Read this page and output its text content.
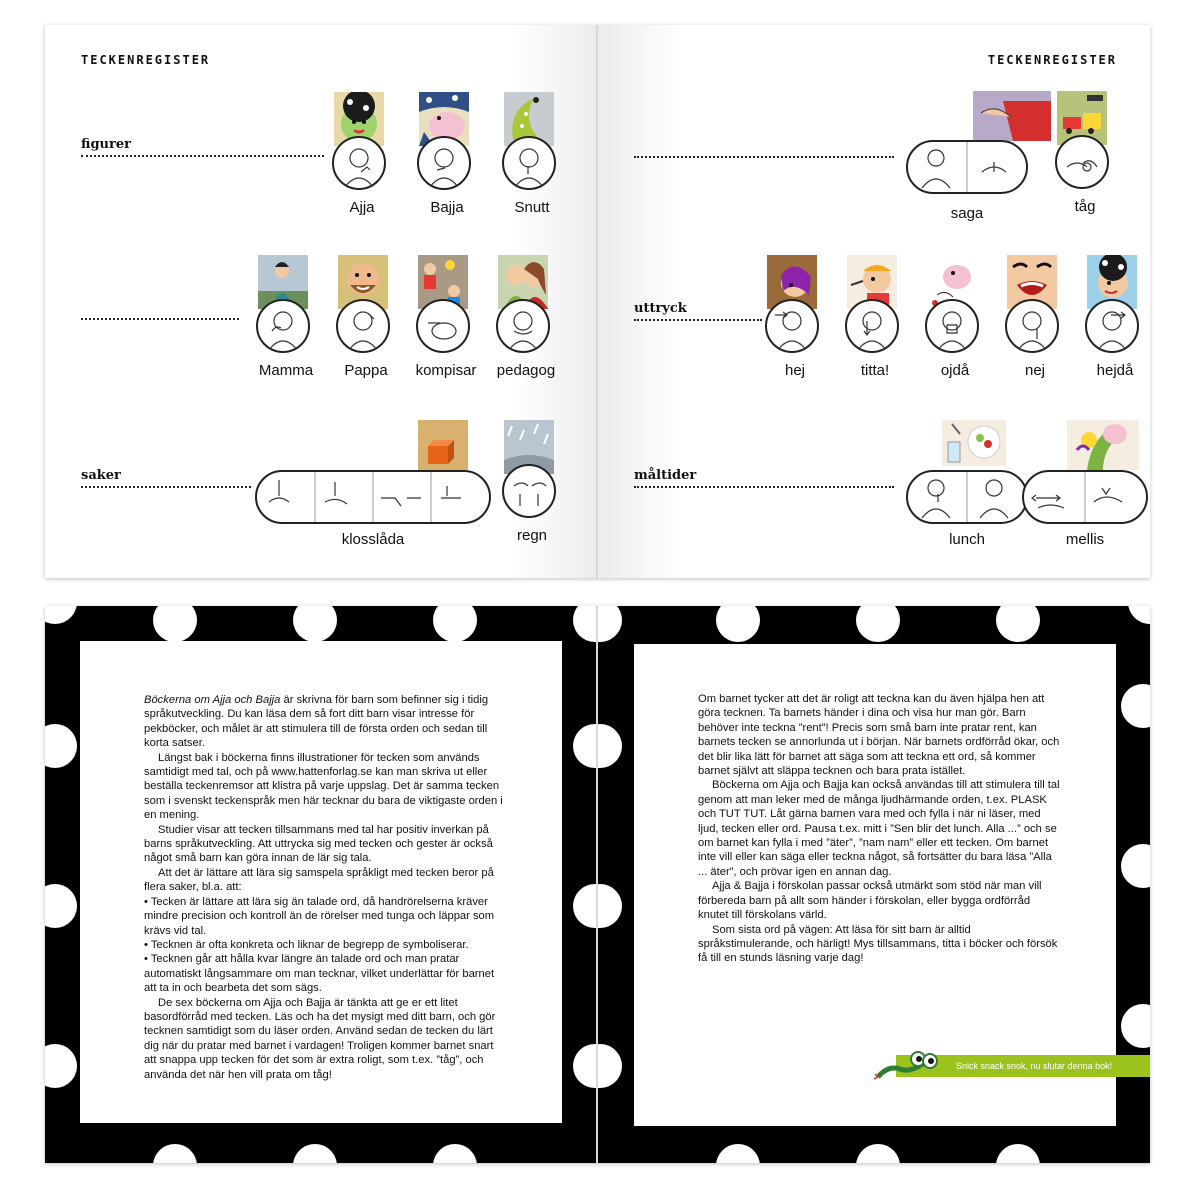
TECKENREGISTER
figurer
Ajja	Bajja	Snutt
Mamma	Pappa	kompisar	pedagog
saker
klosslåda	regn
TECKENREGISTER
saga	tåg
uttryck
hej	titta!	ojdå	nej	hejdå
måltider
lunch	mellis

Böckerna om Ajja och Bajja är skrivna för barn som befinner sig i tidig språkutveckling. Du kan läsa dem så fort ditt barn visar intresse för pekböcker, och målet är att stimulera till de första orden och sedan till korta satser.

Längst bak i böckerna finns illustrationer för tecken som används samtidigt med tal, och på www.hattenforlag.se kan man skriva ut eller beställa teckenremsor att klistra på varje uppslag. Det är samma tecken som i svenskt teckenspråk men här tecknar du bara de viktigaste orden i en mening.

Studier visar att tecken tillsammans med tal har positiv inverkan på barns språkutveckling. Att uttrycka sig med tecken och gester är också något små barn kan göra innan de lär sig tala.

Att det är lättare att lära sig samspela språkligt med tecken beror på flera saker, bl.a. att:

• Tecken är lättare att lära sig än talade ord, då handrörelserna kräver mindre precision och kontroll än de rörelser med tunga och läppar som krävs vid tal.

• Tecknen är ofta konkreta och liknar de begrepp de symboliserar.

• Tecknen går att hålla kvar längre än talade ord och man pratar automatiskt långsammare om man tecknar, vilket underlättar för barnet att ta in och bearbeta det som sägs.

De sex böckerna om Ajja och Bajja är tänkta att ge er ett litet basordförråd med tecken. Läs och ha det mysigt med ditt barn, och gör tecknen samtidigt som du läser orden. Använd sedan de tecken du lärt dig när du pratar med barnet i vardagen! Troligen kommer barnet snart att snappa upp tecken för det som är extra roligt, som t.ex. ”tåg”, och använda det när hen vill prata om tåg!

Om barnet tycker att det är roligt att teckna kan du även hjälpa hen att göra tecknen. Ta barnets händer i dina och visa hur man gör. Barn behöver inte teckna ”rent”! Precis som små barn inte pratar rent, kan barnets tecken se annorlunda ut i början. När barnets ordförråd ökar, och det blir lika lätt för barnet att säga som att teckna ett ord, så kommer barnet självt att släppa tecknen och bara prata istället.

Böckerna om Ajja och Bajja kan också användas till att stimulera till tal genom att man leker med de många ljudhärmande orden, t.ex. PLASK och TUT TUT. Låt gärna barnen vara med och fylla i när ni läser, med ljud, tecken eller ord. Pausa t.ex. mitt i ”Sen blir det lunch. Alla ...” och se om barnet kan fylla i med ”äter”, ”nam nam” eller ett tecken. Om barnet inte vill eller kan säga eller teckna något, så fortsätter du bara läsa ”Alla ... äter”, och prövar igen en annan dag.

Ajja & Bajja i förskolan passar också utmärkt som stöd när man vill förbereda barn på allt som händer i förskolan, eller bygga ordförråd knutet till förskolans värld.

Som sista ord på vägen: Att läsa för sitt barn är alltid språkstimulerande, och härligt! Mys tillsammans, titta i böcker och försök få till en stunds läsning varje dag!

Snick snack snok, nu slutar denna bok!
